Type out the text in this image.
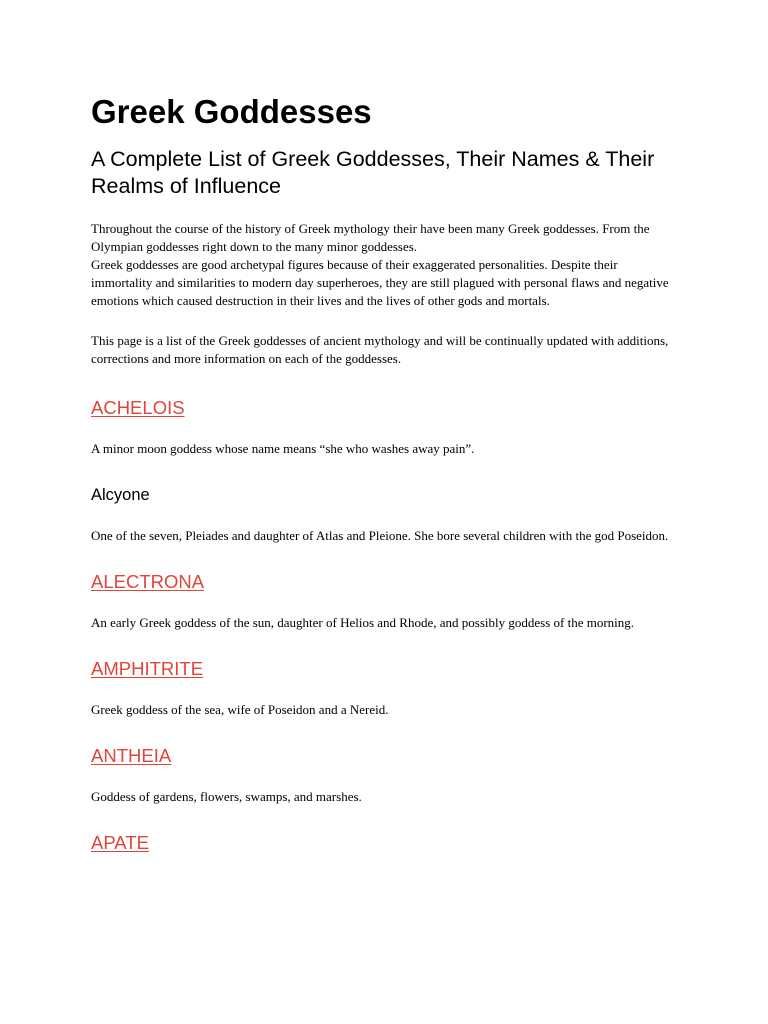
Greek Goddesses
A Complete List of Greek Goddesses, Their Names & Their Realms of Influence

Throughout the course of the history of Greek mythology their have been many Greek goddesses. From the Olympian goddesses right down to the many minor goddesses.

Greek goddesses are good archetypal figures because of their exaggerated personalities. Despite their immortality and similarities to modern day superheroes, they are still plagued with personal flaws and negative emotions which caused destruction in their lives and the lives of other gods and mortals.

This page is a list of the Greek goddesses of ancient mythology and will be continually updated with additions, corrections and more information on each of the goddesses.

ACHELOIS

A minor moon goddess whose name means “she who washes away pain”.

Alcyone

One of the seven, Pleiades and daughter of Atlas and Pleione. She bore several children with the god Poseidon.

ALECTRONA

An early Greek goddess of the sun, daughter of Helios and Rhode, and possibly goddess of the morning.

AMPHITRITE

Greek goddess of the sea, wife of Poseidon and a Nereid.

ANTHEIA

Goddess of gardens, flowers, swamps, and marshes.

APATE
